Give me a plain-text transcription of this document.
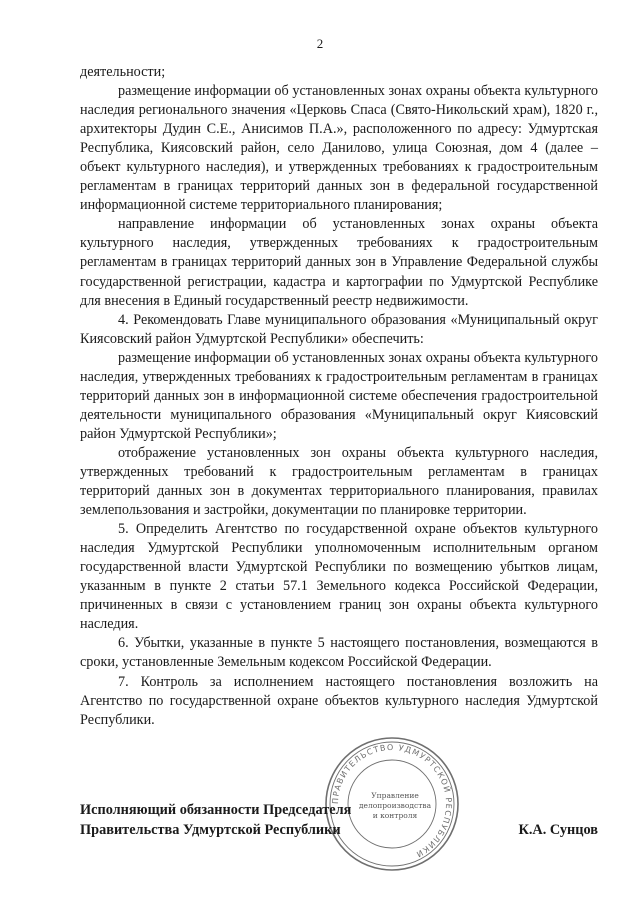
2

деятельности;

размещение информации об установленных зонах охраны объекта культурного наследия регионального значения «Церковь Спаса (Свято-Никольский храм), 1820 г., архитекторы Дудин С.Е., Анисимов П.А.», расположенного по адресу: Удмуртская Республика, Киясовский район, село Данилово, улица Союзная, дом 4 (далее – объект культурного наследия), и утвержденных требованиях к градостроительным регламентам в границах территорий данных зон в федеральной государственной информационной системе территориального планирования;

направление информации об установленных зонах охраны объекта культурного наследия, утвержденных требованиях к градостроительным регламентам в границах территорий данных зон в Управление Федеральной службы государственной регистрации, кадастра и картографии по Удмуртской Республике для внесения в Единый государственный реестр недвижимости.

4. Рекомендовать Главе муниципального образования «Муниципальный округ Киясовский район Удмуртской Республики» обеспечить:

размещение информации об установленных зонах охраны объекта культурного наследия, утвержденных требованиях к градостроительным регламентам в границах территорий данных зон в информационной системе обеспечения градостроительной деятельности муниципального образования «Муниципальный округ Киясовский район Удмуртской Республики»;

отображение установленных зон охраны объекта культурного наследия, утвержденных требований к градостроительным регламентам в границах территорий данных зон в документах территориального планирования, правилах землепользования и застройки, документации по планировке территории.

5. Определить Агентство по государственной охране объектов культурного наследия Удмуртской Республики уполномоченным исполнительным органом государственной власти Удмуртской Республики по возмещению убытков лицам, указанным в пункте 2 статьи 57.1 Земельного кодекса Российской Федерации, причиненных в связи с установлением границ зон охраны объекта культурного наследия.

6. Убытки, указанные в пункте 5 настоящего постановления, возмещаются в сроки, установленные Земельным кодексом Российской Федерации.

7. Контроль за исполнением настоящего постановления возложить на Агентство по государственной охране объектов культурного наследия Удмуртской Республики.

ПРАВИТЕЛЬСТВО УДМУРТСКОЙ РЕСПУБЛИКИ
Управление
делопроизводства
и контроля
Исполняющий обязанности Председателя
Правительства Удмуртской Республики	К.А. Сунцов
